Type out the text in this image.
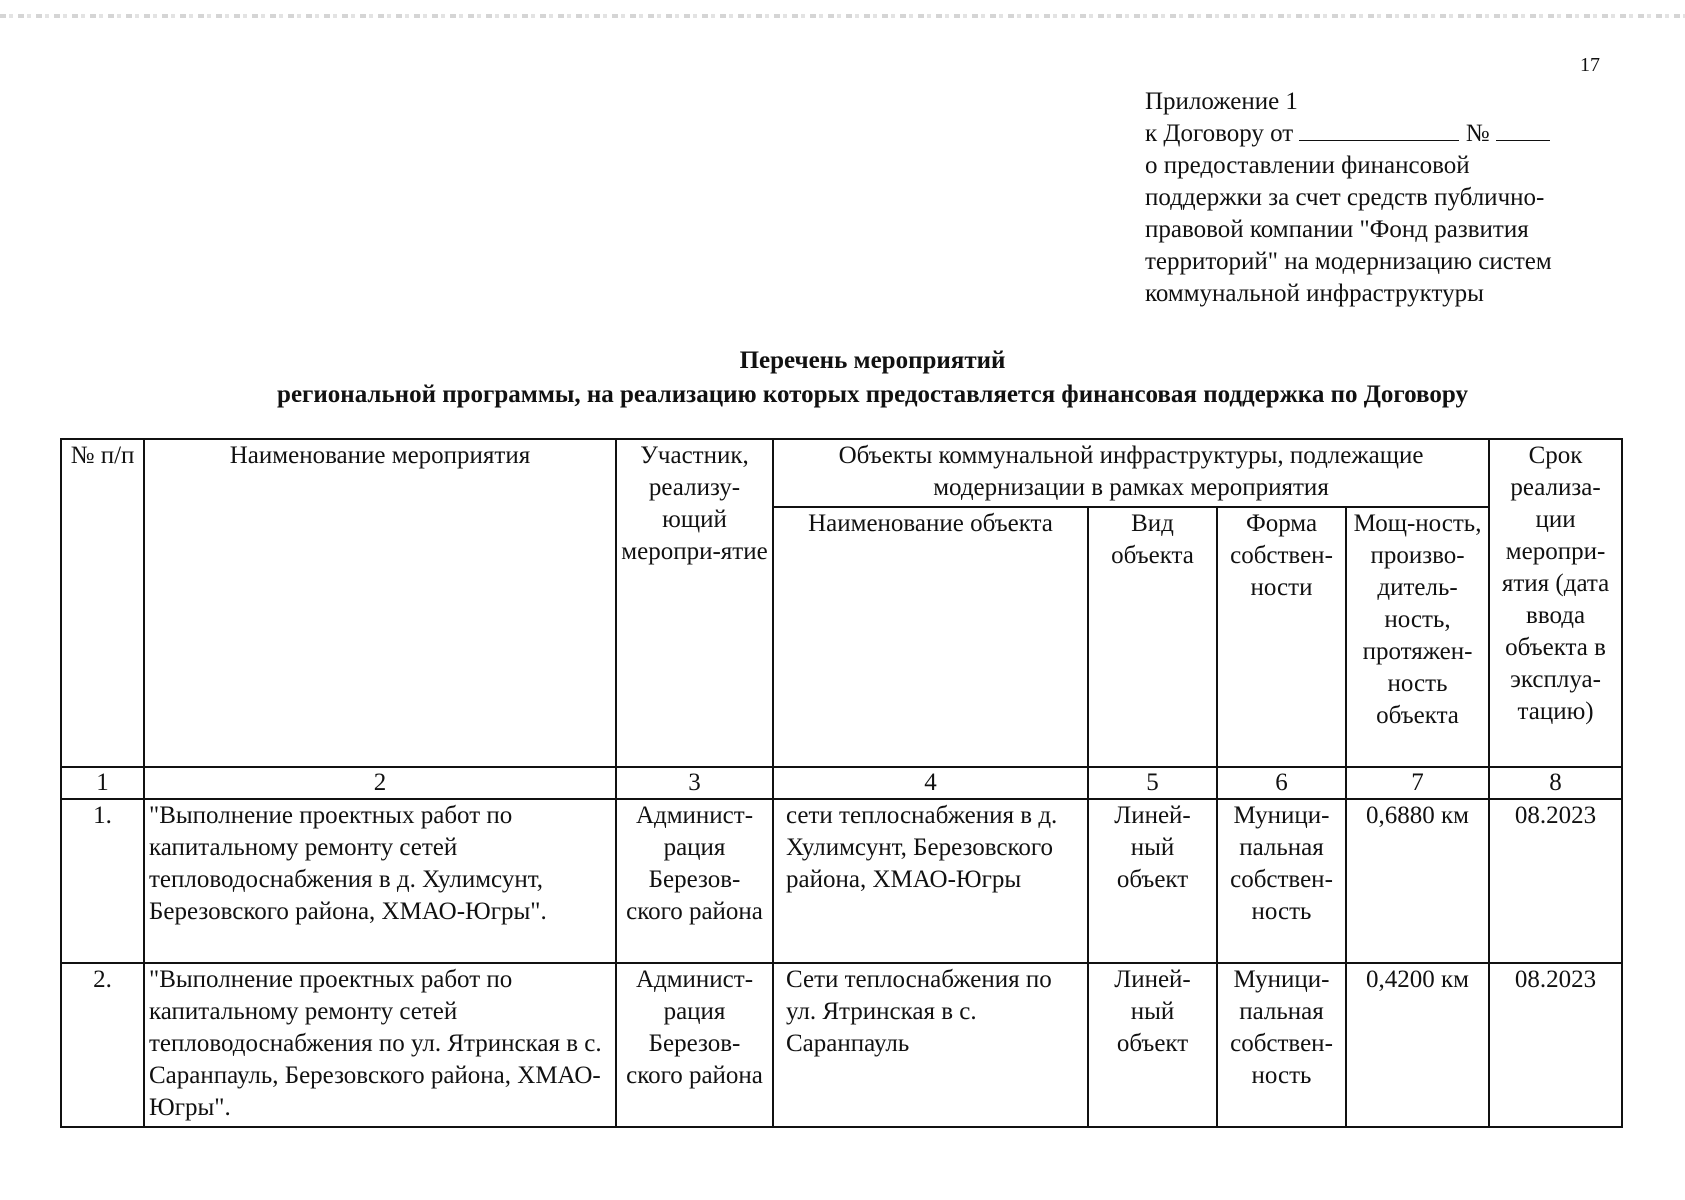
17
Приложение 1
к Договору от	№
о предоставлении финансовой
поддержки за счет средств публично-
правовой компании "Фонд развития
территорий" на модернизацию систем
коммунальной инфраструктуры
Перечень мероприятий
региональной программы, на реализацию которых предоставляется финансовая поддержка по Договору
№ п/п	Наименование мероприятия	Участник, реализу-ющий меропри-ятие	Объекты коммунальной инфраструктуры, подлежащие модернизации в рамках мероприятия				Срок реализа-ции меропри-ятия (дата ввода объекта в эксплуа-тацию)
			Наименование объекта	Вид объекта	Форма собствен-ности	Мощ-ность, произво-дитель-ность, протяжен-ность объекта	
1	2	3	4	5	6	7	8
1.	"Выполнение проектных работ по капитальному ремонту сетей тепловодоснабжения в д. Хулимсунт, Березовского района, ХМАО-Югры".	Админист-рация Березов-ского района	сети теплоснабжения в д. Хулимсунт, Березовского района, ХМАО-Югры	Линей-ный объект	Муници-пальная собствен-ность	0,6880 км	08.2023
2.	"Выполнение проектных работ по капитальному ремонту сетей тепловодоснабжения по ул. Ятринская в с. Саранпауль, Березовского района, ХМАО-Югры".	Админист-рация Березов-ского района	Сети теплоснабжения по ул. Ятринская в с. Саранпауль	Линей-ный объект	Муници-пальная собствен-ность	0,4200 км	08.2023
